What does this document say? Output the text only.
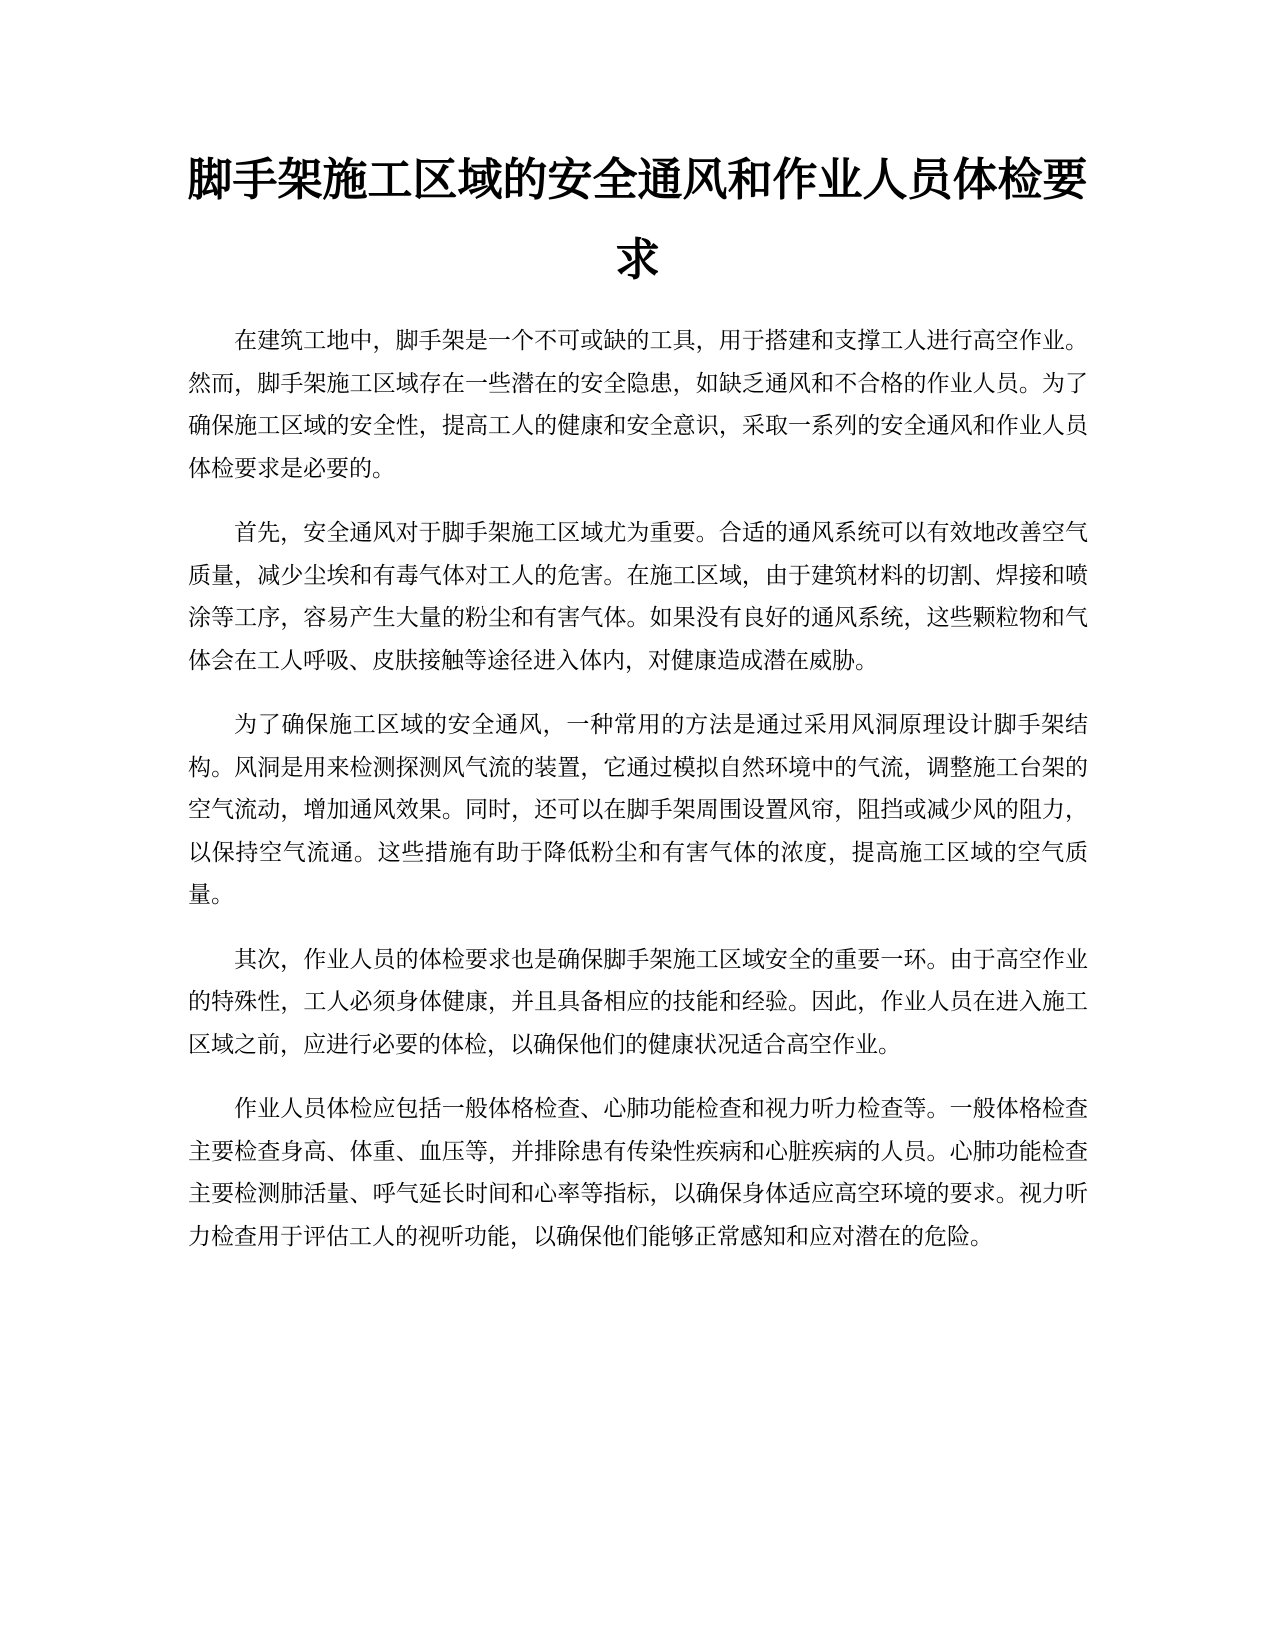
脚手架施工区域的安全通风和作业人员体检要求

在建筑工地中，脚手架是一个不可或缺的工具，用于搭建和支撑工人进行高空作业。然而，脚手架施工区域存在一些潜在的安全隐患，如缺乏通风和不合格的作业人员。为了确保施工区域的安全性，提高工人的健康和安全意识，采取一系列的安全通风和作业人员体检要求是必要的。

首先，安全通风对于脚手架施工区域尤为重要。合适的通风系统可以有效地改善空气质量，减少尘埃和有毒气体对工人的危害。在施工区域，由于建筑材料的切割、焊接和喷涂等工序，容易产生大量的粉尘和有害气体。如果没有良好的通风系统，这些颗粒物和气体会在工人呼吸、皮肤接触等途径进入体内，对健康造成潜在威胁。

为了确保施工区域的安全通风，一种常用的方法是通过采用风洞原理设计脚手架结构。风洞是用来检测探测风气流的装置，它通过模拟自然环境中的气流，调整施工台架的空气流动，增加通风效果。同时，还可以在脚手架周围设置风帘，阻挡或减少风的阻力，以保持空气流通。这些措施有助于降低粉尘和有害气体的浓度，提高施工区域的空气质量。

其次，作业人员的体检要求也是确保脚手架施工区域安全的重要一环。由于高空作业的特殊性，工人必须身体健康，并且具备相应的技能和经验。因此，作业人员在进入施工区域之前，应进行必要的体检，以确保他们的健康状况适合高空作业。

作业人员体检应包括一般体格检查、心肺功能检查和视力听力检查等。一般体格检查主要检查身高、体重、血压等，并排除患有传染性疾病和心脏疾病的人员。心肺功能检查主要检测肺活量、呼气延长时间和心率等指标，以确保身体适应高空环境的要求。视力听力检查用于评估工人的视听功能，以确保他们能够正常感知和应对潜在的危险。
